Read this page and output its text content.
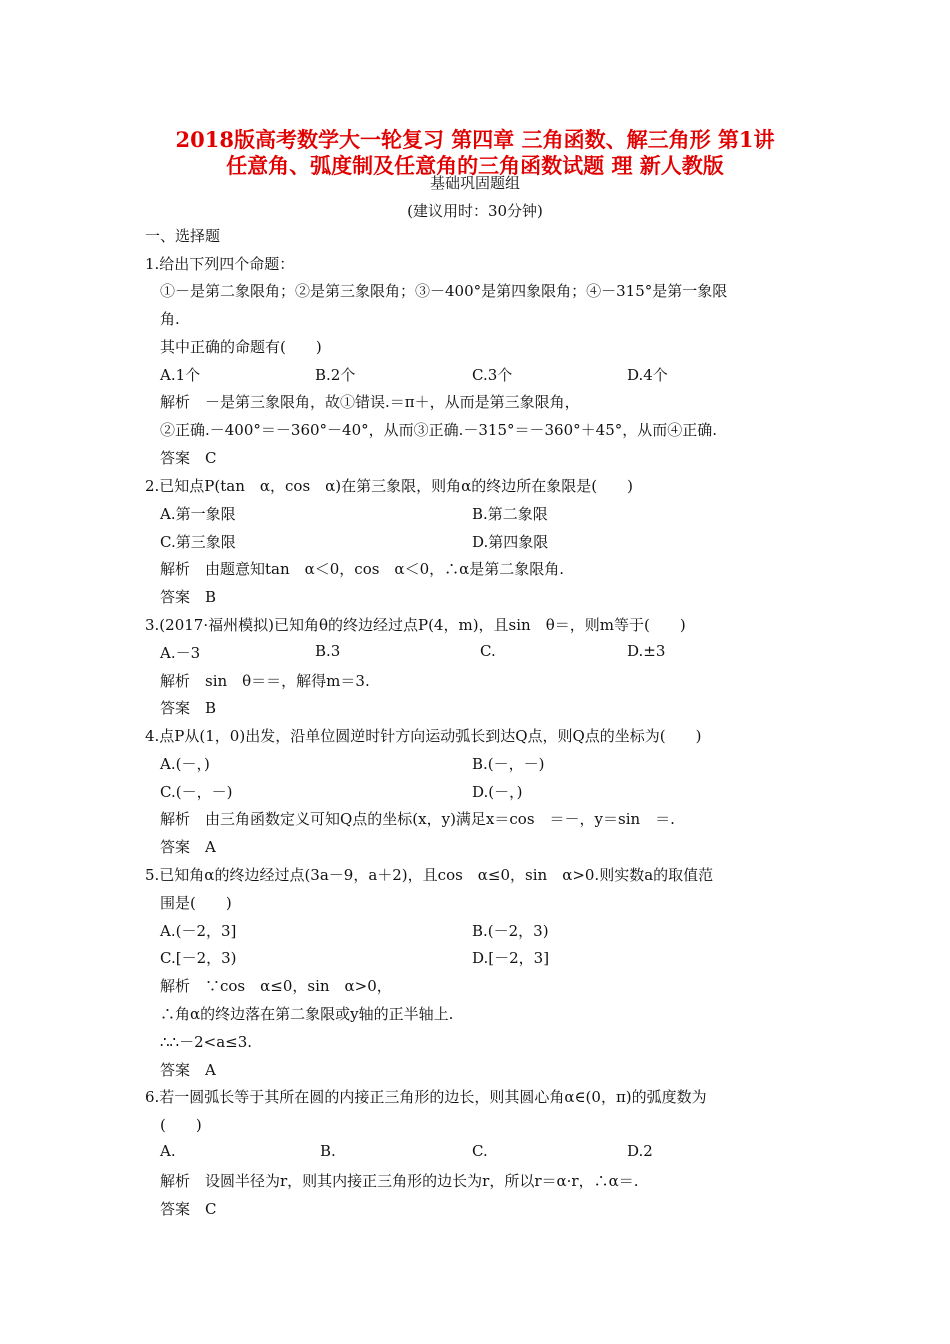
2018版高考数学大一轮复习 第四章 三角函数、解三角形 第1讲
任意角、弧度制及任意角的三角函数试题 理 新人教版
基础巩固题组
(建议用时：30分钟)
一、选择题
1.给出下列四个命题：
①－是第二象限角；②是第三象限角；③－400°是第四象限角；④－315°是第一象限
角.
其中正确的命题有(　　)
A.1个	B.2个	C.3个	D.4个
解析　－是第三象限角，故①错误.＝π＋，从而是第三象限角，
②正确.－400°＝－360°－40°，从而③正确.－315°＝－360°＋45°，从而④正确.
答案　C
2.已知点P(tan　α，cos　α)在第三象限，则角α的终边所在象限是(　　)
A.第一象限	B.第二象限
C.第三象限	D.第四象限
解析　由题意知tan　α＜0，cos　α＜0，∴α是第二象限角.
答案　B
3.(2017·福州模拟)已知角θ的终边经过点P(4，m)，且sin　θ＝，则m等于(　　)
A.－3	B.3	C.	D.±3
解析　sin　θ＝＝，解得m＝3.
答案　B
4.点P从(1，0)出发，沿单位圆逆时针方向运动弧长到达Q点，则Q点的坐标为(　　)
A.(－，)	B.(－，－)
C.(－，－)	D.(－，)
解析　由三角函数定义可知Q点的坐标(x，y)满足x＝cos　＝－，y＝sin　＝.
答案　A
5.已知角α的终边经过点(3a－9，a＋2)，且cos　α≤0，sin　α>0.则实数a的取值范
围是(　　)
A.(－2，3]	B.(－2，3)
C.[－2，3)	D.[－2，3]
解析　∵cos　α≤0，sin　α>0，
∴角α的终边落在第二象限或y轴的正半轴上.
∴∴－2<a≤3.
答案　A
6.若一圆弧长等于其所在圆的内接正三角形的边长，则其圆心角α∈(0，π)的弧度数为
(　　)
A.	B.	C.	D.2
解析　设圆半径为r，则其内接正三角形的边长为r，所以r＝α·r，∴α＝.
答案　C
